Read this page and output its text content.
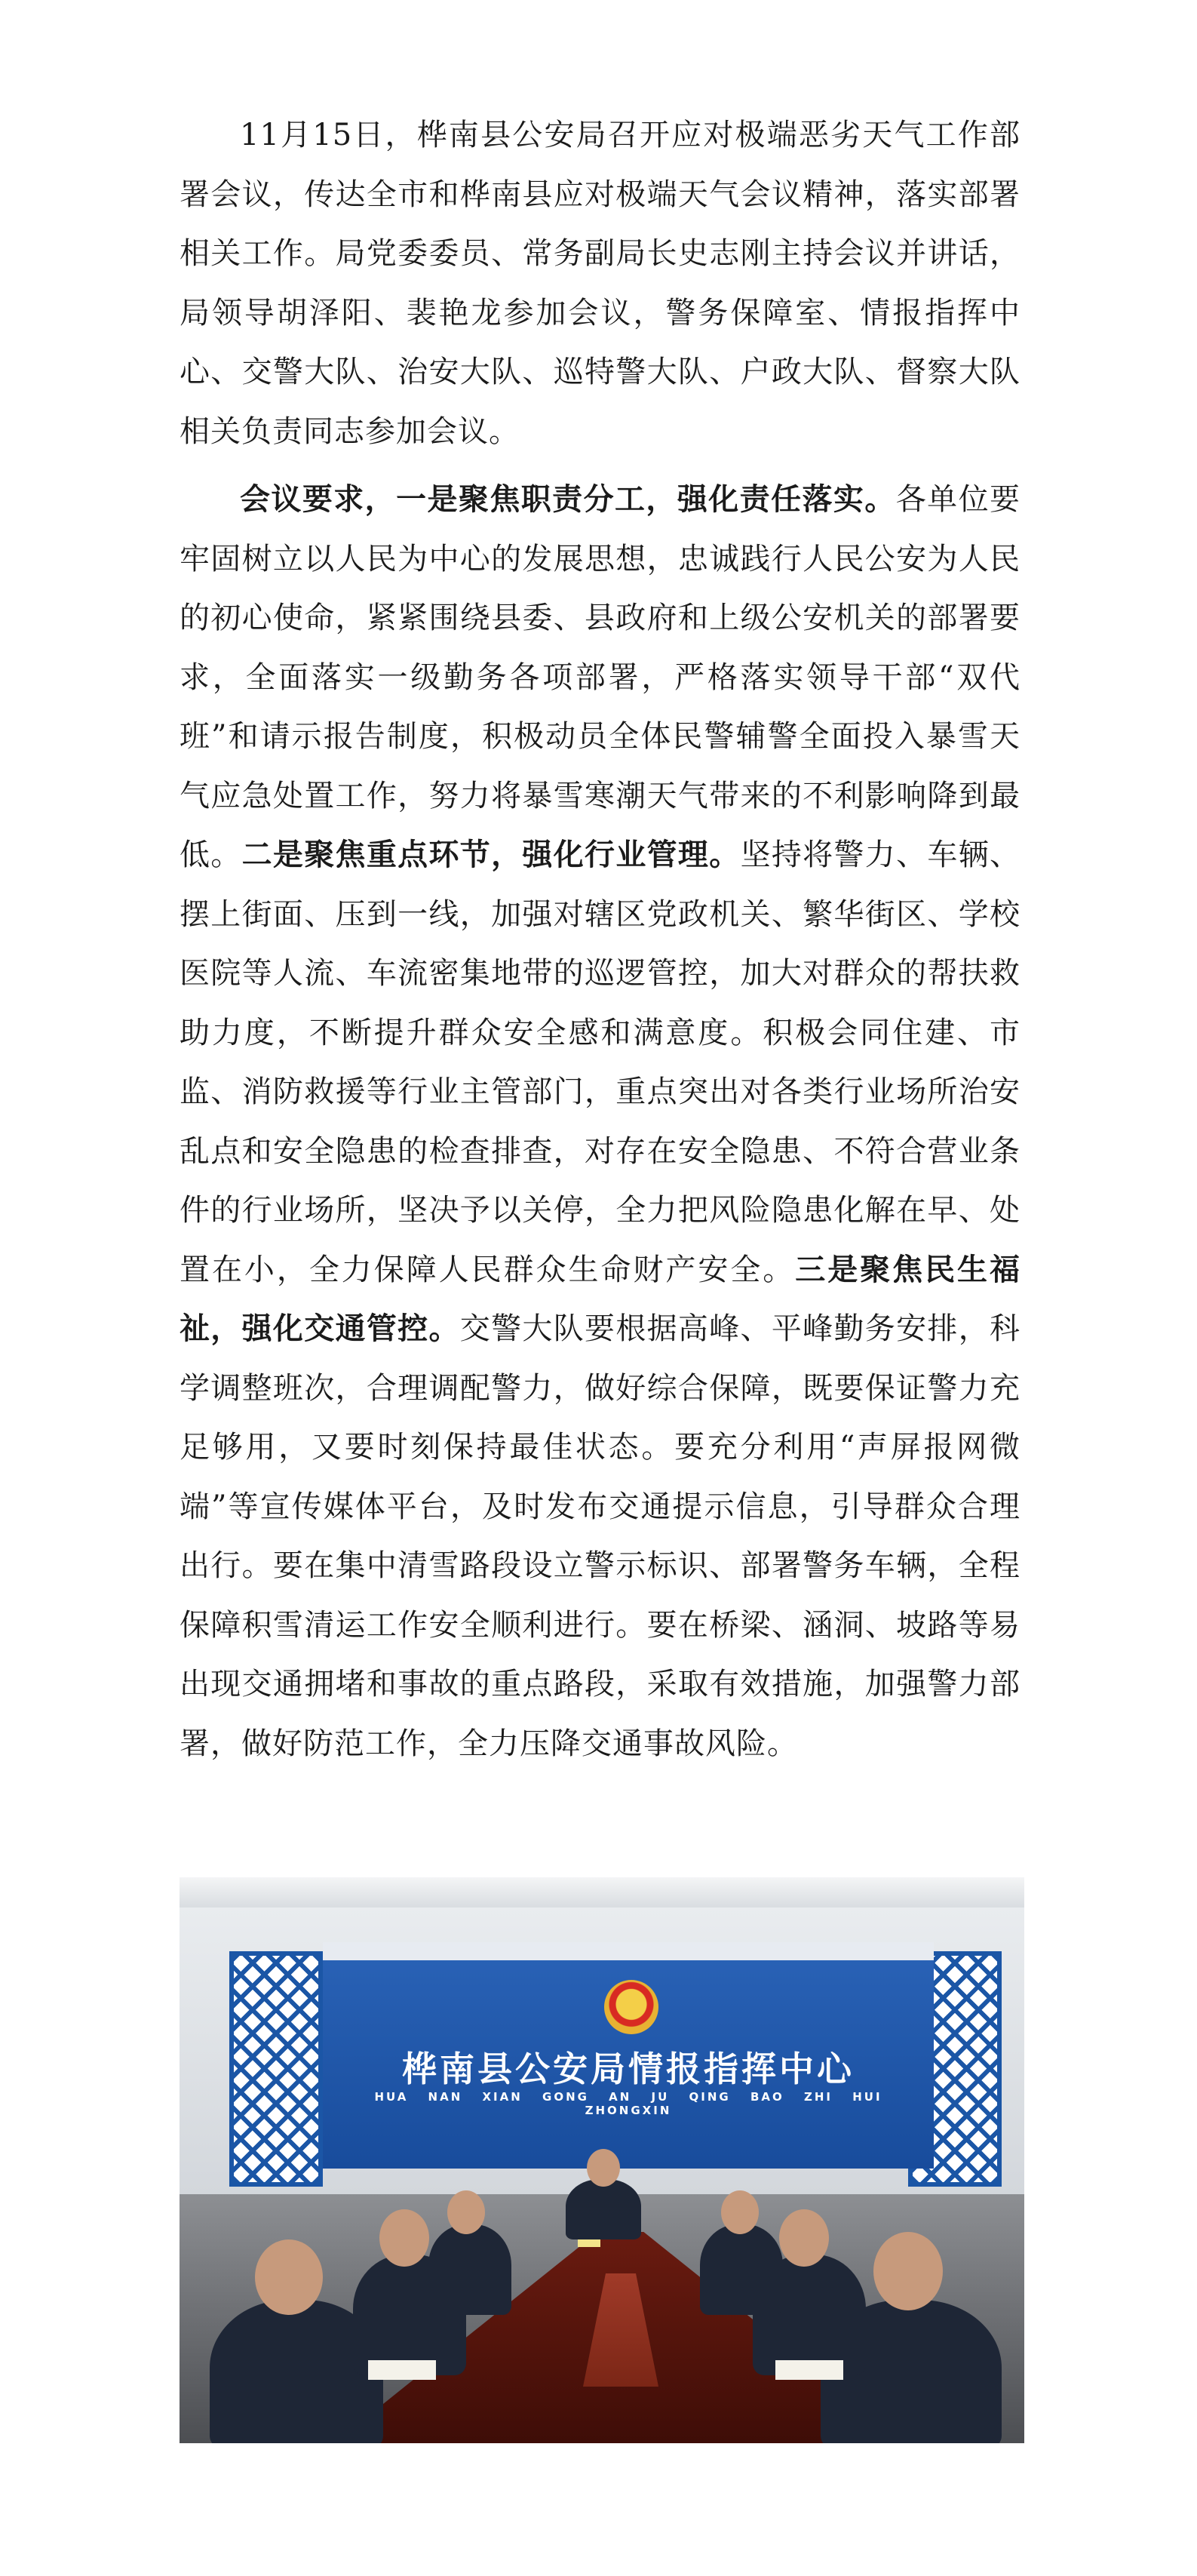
11月15日，桦南县公安局召开应对极端恶劣天气工作部署会议，传达全市和桦南县应对极端天气会议精神，落实部署相关工作。局党委委员、常务副局长史志刚主持会议并讲话，局领导胡泽阳、裴艳龙参加会议，警务保障室、情报指挥中心、交警大队、治安大队、巡特警大队、户政大队、督察大队相关负责同志参加会议。

会议要求，一是聚焦职责分工，强化责任落实。各单位要牢固树立以人民为中心的发展思想，忠诚践行人民公安为人民的初心使命，紧紧围绕县委、县政府和上级公安机关的部署要求，全面落实一级勤务各项部署，严格落实领导干部“双代班”和请示报告制度，积极动员全体民警辅警全面投入暴雪天气应急处置工作，努力将暴雪寒潮天气带来的不利影响降到最低。二是聚焦重点环节，强化行业管理。坚持将警力、车辆、摆上街面、压到一线，加强对辖区党政机关、繁华街区、学校医院等人流、车流密集地带的巡逻管控，加大对群众的帮扶救助力度，不断提升群众安全感和满意度。积极会同住建、市监、消防救援等行业主管部门，重点突出对各类行业场所治安乱点和安全隐患的检查排查，对存在安全隐患、不符合营业条件的行业场所，坚决予以关停，全力把风险隐患化解在早、处置在小，全力保障人民群众生命财产安全。三是聚焦民生福祉，强化交通管控。交警大队要根据高峰、平峰勤务安排，科学调整班次，合理调配警力，做好综合保障，既要保证警力充足够用，又要时刻保持最佳状态。要充分利用“声屏报网微端”等宣传媒体平台，及时发布交通提示信息，引导群众合理出行。要在集中清雪路段设立警示标识、部署警务车辆，全程保障积雪清运工作安全顺利进行。要在桥梁、涵洞、坡路等易出现交通拥堵和事故的重点路段，采取有效措施，加强警力部署，做好防范工作，全力压降交通事故风险。

桦南县公安局情报指挥中心
HUA NAN XIAN GONG AN JU QING BAO ZHI HUI ZHONGXIN
